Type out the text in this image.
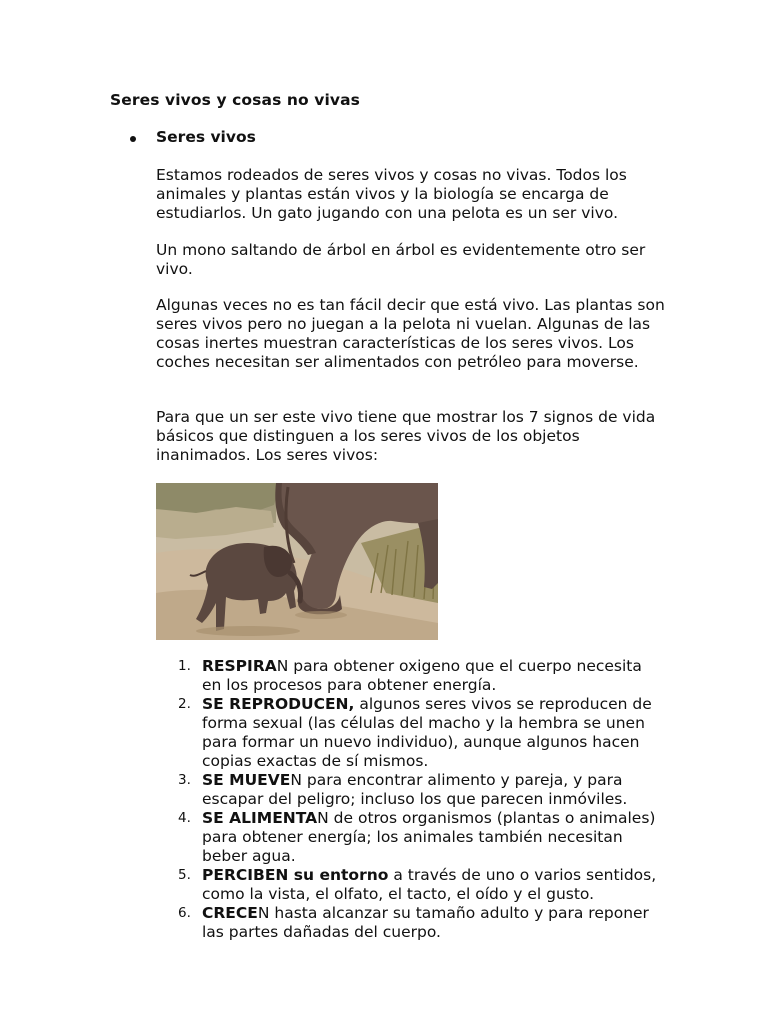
Seres vivos y cosas no vivas
Seres vivos

Estamos rodeados de seres vivos y cosas no vivas. Todos los animales y plantas están vivos y la biología se encarga de estudiarlos. Un gato jugando con una pelota es un ser vivo.

Un mono saltando de árbol en árbol es evidentemente otro ser vivo.

Algunas veces no es tan fácil decir que está vivo. Las plantas son seres vivos pero no juegan a la pelota ni vuelan. Algunas de las cosas inertes muestran características de los seres vivos. Los coches necesitan ser alimentados con petróleo para moverse.

Para que un ser este vivo tiene que mostrar los 7 signos de vida básicos que distinguen a los seres vivos de los objetos inanimados. Los seres vivos:

1. RESPIRAN para obtener oxigeno que el cuerpo necesita en los procesos para obtener energía.
2. SE REPRODUCEN, algunos seres vivos se reproducen de forma sexual (las células del macho y la hembra se unen para formar un nuevo individuo), aunque algunos hacen copias exactas de sí mismos.
3. SE MUEVEN para encontrar alimento y pareja, y para escapar del peligro; incluso los que parecen inmóviles.
4. SE ALIMENTAN de otros organismos (plantas o animales) para obtener energía; los animales también necesitan beber agua.
5. PERCIBEN su entorno a través de uno o varios sentidos, como la vista, el olfato, el tacto, el oído y el gusto.
6. CRECEN hasta alcanzar su tamaño adulto y para reponer las partes dañadas del cuerpo.
